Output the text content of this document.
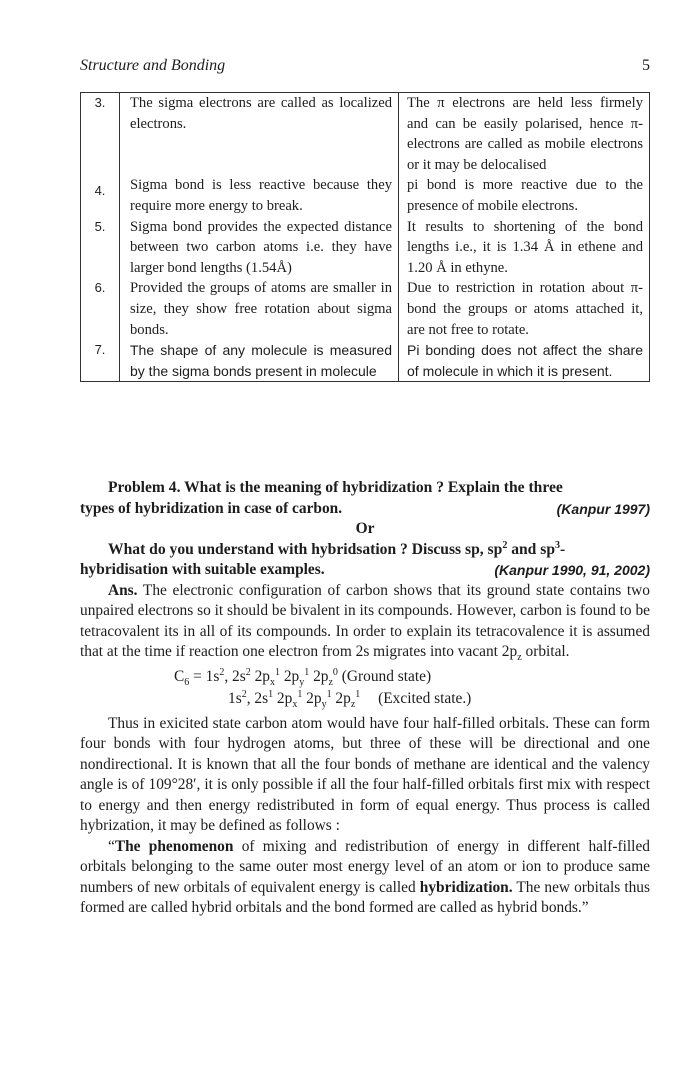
Structure and Bonding	5
3.	The sigma electrons are called as localized electrons.	The π electrons are held less firmely and can be easily polarised, hence π-electrons are called as mobile electrons or it may be delocalised
4.	Sigma bond is less reactive because they require more energy to break.	pi bond is more reactive due to the presence of mobile electrons.
5.	Sigma bond provides the expected distance between two carbon atoms i.e. they have larger bond lengths (1.54Å)	It results to shortening of the bond lengths i.e., it is 1.34 Å in ethene and 1.20 Å in ethyne.
6.	Provided the groups of atoms are smaller in size, they show free rotation about sigma bonds.	Due to restriction in rotation about π-bond the groups or atoms attached it, are not free to rotate.
7.	The shape of any molecule is measured by the sigma bonds present in molecule	Pi bonding does not affect the share of molecule in which it is present.

Problem 4. What is the meaning of hybridization ? Explain the three

types of hybridization in case of carbon.	(Kanpur 1997)

Or

What do you understand with hybridsation ? Discuss sp, $sp^2$ and $sp^3-$

hybridisation with suitable examples.	(Kanpur 1990, 91, 2002)

Ans. The electronic configuration of carbon shows that its ground state contains two unpaired electrons so it should be bivalent in its compounds. However, carbon is found to be tetracovalent its in all of its compounds. In order to explain its tetracovalence it is assumed that at the time if reaction one electron from 2s migrates into vacant $2p_z$ orbital.

$C_6 = 1s^2$, $2s^2$ $2p_x^1$ $2p_y^1$ $2p_z^0$ (Ground state)
$1s^2$, $2s^1$ $2p_x^1$ $2p_y^1$ $2p_z^1$ (Excited state.)

Thus in exicited state carbon atom would have four half-filled orbitals. These can form four bonds with four hydrogen atoms, but three of these will be directional and one nondirectional. It is known that all the four bonds of methane are identical and the valency angle is of 109°28′, it is only possible if all the four half-filled orbitals first mix with respect to energy and then energy redistributed in form of equal energy. Thus process is called hybrization, it may be defined as follows :

“The phenomenon of mixing and redistribution of energy in different half-filled orbitals belonging to the same outer most energy level of an atom or ion to produce same numbers of new orbitals of equivalent energy is called hybridization. The new orbitals thus formed are called hybrid orbitals and the bond formed are called as hybrid bonds.”
